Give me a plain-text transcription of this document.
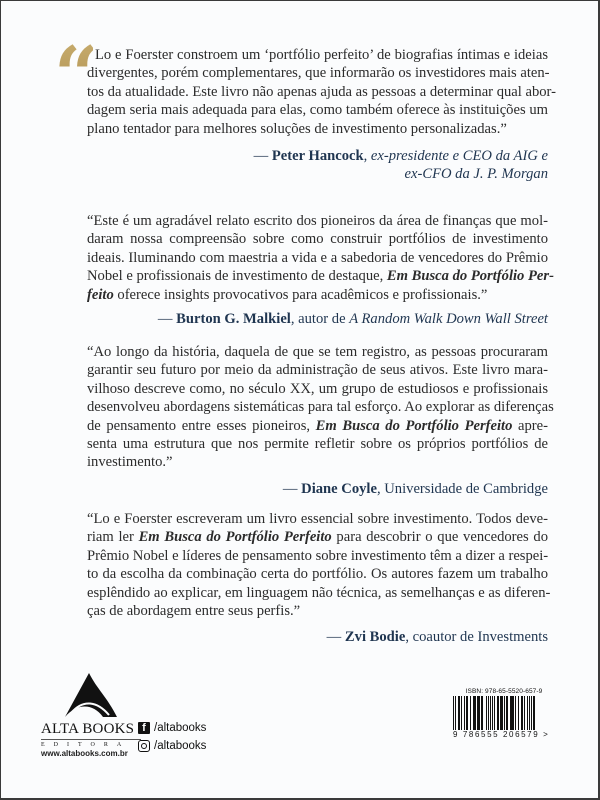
“ Lo e Foerster constroem um ‘portfólio perfeito’ de biografias íntimas e ideias

divergentes, porém complementares, que informarão os investidores mais aten-
tos da atualidade. Este livro não apenas ajuda as pessoas a determinar qual abor-
dagem seria mais adequada para elas, como também oferece às instituições um
plano tentador para melhores soluções de investimento personalizadas.”

— Peter Hancock, ex-presidente e CEO da AIG e
ex-CFO da J. P. Morgan

“Este é um agradável relato escrito dos pioneiros da área de finanças que mol-
daram nossa compreensão sobre como construir portfólios de investimento
ideais. Iluminando com maestria a vida e a sabedoria de vencedores do Prêmio
Nobel e profissionais de investimento de destaque, Em Busca do Portfólio Per-
feito oferece insights provocativos para acadêmicos e profissionais.”

— Burton G. Malkiel, autor de A Random Walk Down Wall Street

“Ao longo da história, daquela de que se tem registro, as pessoas procuraram
garantir seu futuro por meio da administração de seus ativos. Este livro mara-
vilhoso descreve como, no século XX, um grupo de estudiosos e profissionais
desenvolveu abordagens sistemáticas para tal esforço. Ao explorar as diferenças
de pensamento entre esses pioneiros, Em Busca do Portfólio Perfeito apre-
senta uma estrutura que nos permite refletir sobre os próprios portfólios de
investimento.”

— Diane Coyle, Universidade de Cambridge

“Lo e Foerster escreveram um livro essencial sobre investimento. Todos deve-
riam ler Em Busca do Portfólio Perfeito para descobrir o que vencedores do
Prêmio Nobel e líderes de pensamento sobre investimento têm a dizer a respei-
to da escolha da combinação certa do portfólio. Os autores fazem um trabalho
esplêndido ao explicar, em linguagem não técnica, as semelhanças e as diferen-
ças de abordagem entre seus perfis.”

— Zvi Bodie, coautor de Investments

ALTA BOOKS
EDITORA
www.altabooks.com.br
f /altabooks
/altabooks
ISBN: 978-65-5520-657-9
9 786555 206579 >
